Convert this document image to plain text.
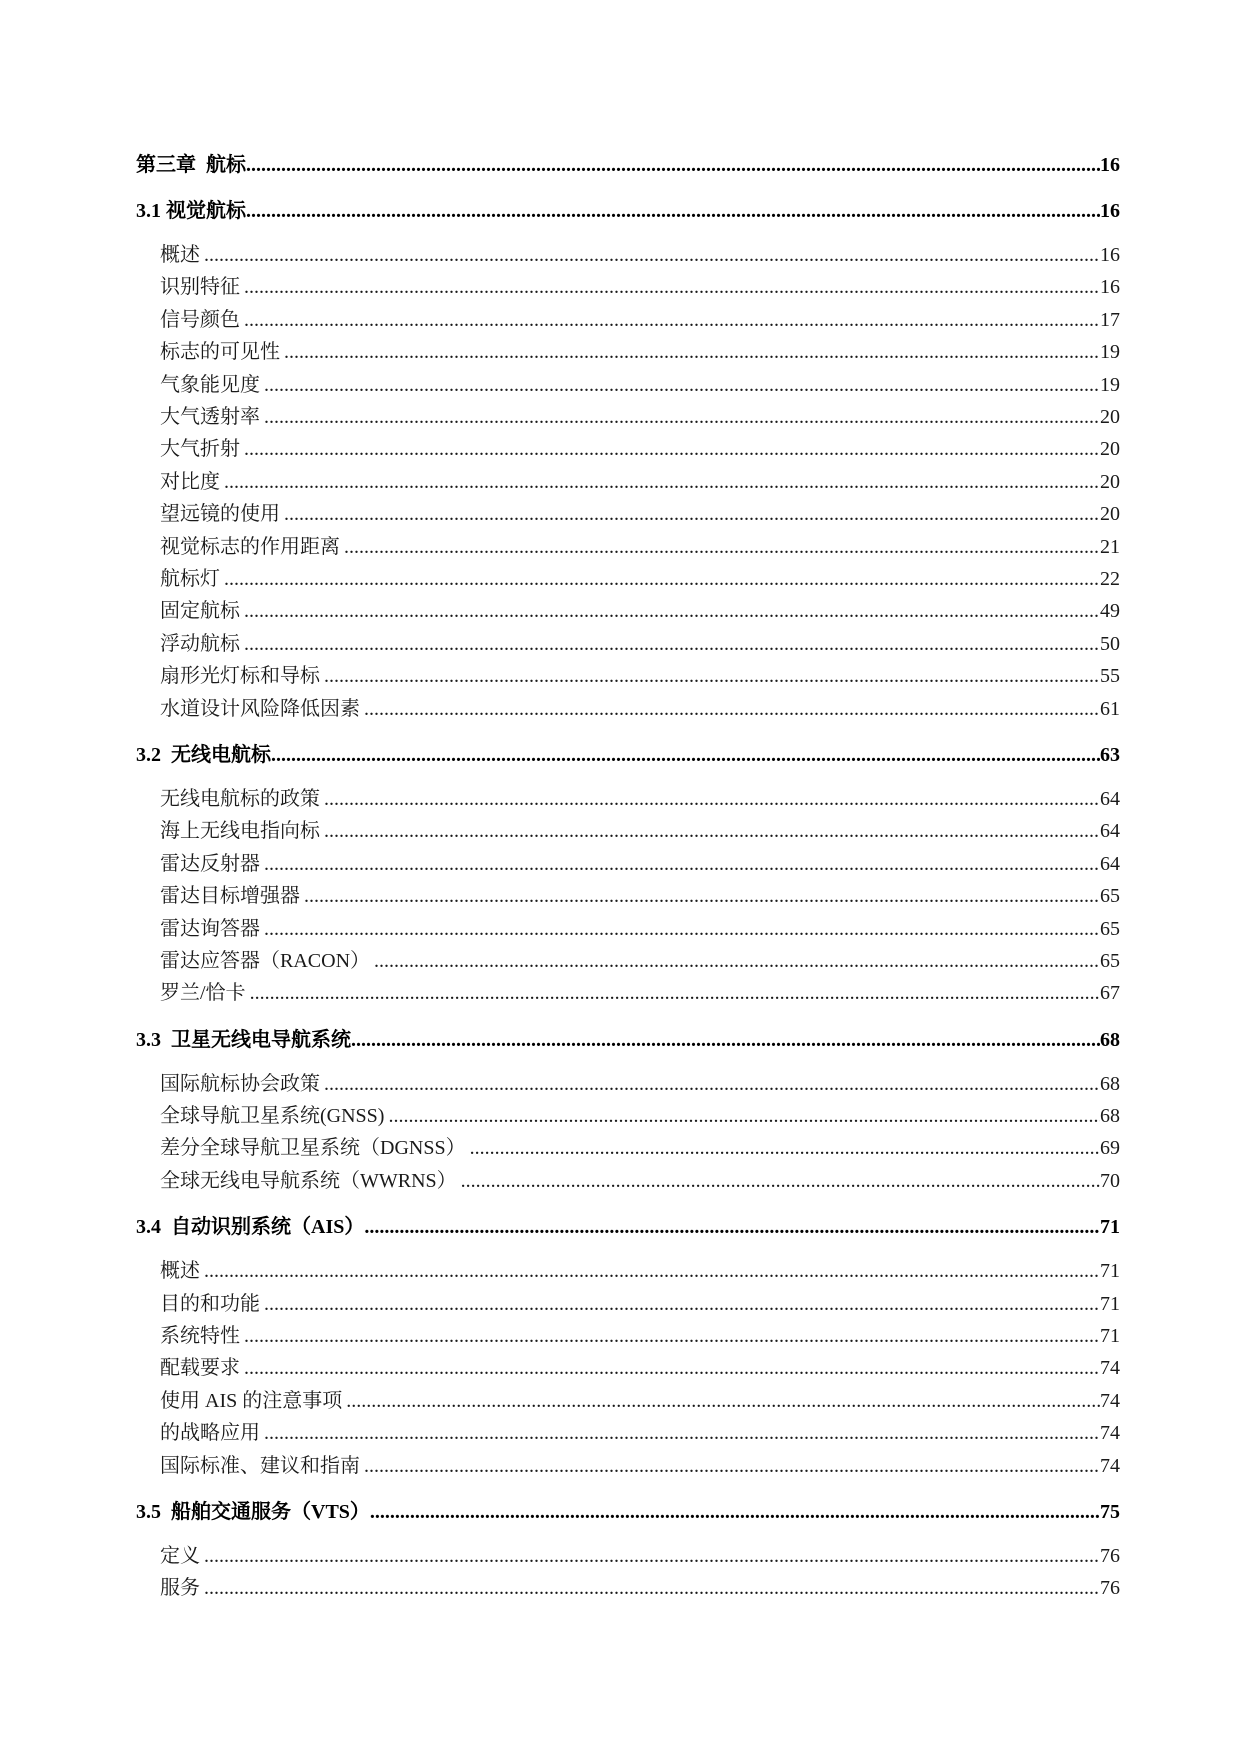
第三章  航标 .....	16
3.1 视觉航标 .....	16
概述 .....	16
识别特征 .....	16
信号颜色 .....	17
标志的可见性 .....	19
气象能见度 .....	19
大气透射率 .....	20
大气折射 .....	20
对比度 .....	20
望远镜的使用 .....	20
视觉标志的作用距离 .....	21
航标灯 .....	22
固定航标 .....	49
浮动航标 .....	50
扇形光灯标和导标 .....	55
水道设计风险降低因素 .....	61
3.2  无线电航标 .....	63
无线电航标的政策 .....	64
海上无线电指向标 .....	64
雷达反射器 .....	64
雷达目标增强器 .....	65
雷达询答器 .....	65
雷达应答器（RACON） .....	65
罗兰/恰卡 .....	67
3.3  卫星无线电导航系统 .....	68
国际航标协会政策 .....	68
全球导航卫星系统(GNSS) .....	68
差分全球导航卫星系统（DGNSS） .....	69
全球无线电导航系统（WWRNS） .....	70
3.4  自动识别系统（AIS） .....	71
概述 .....	71
目的和功能 .....	71
系统特性 .....	71
配载要求 .....	74
使用 AIS 的注意事项 .....	74
的战略应用 .....	74
国际标准、建议和指南 .....	74
3.5  船舶交通服务（VTS） .....	75
定义 .....	76
服务 .....	76
